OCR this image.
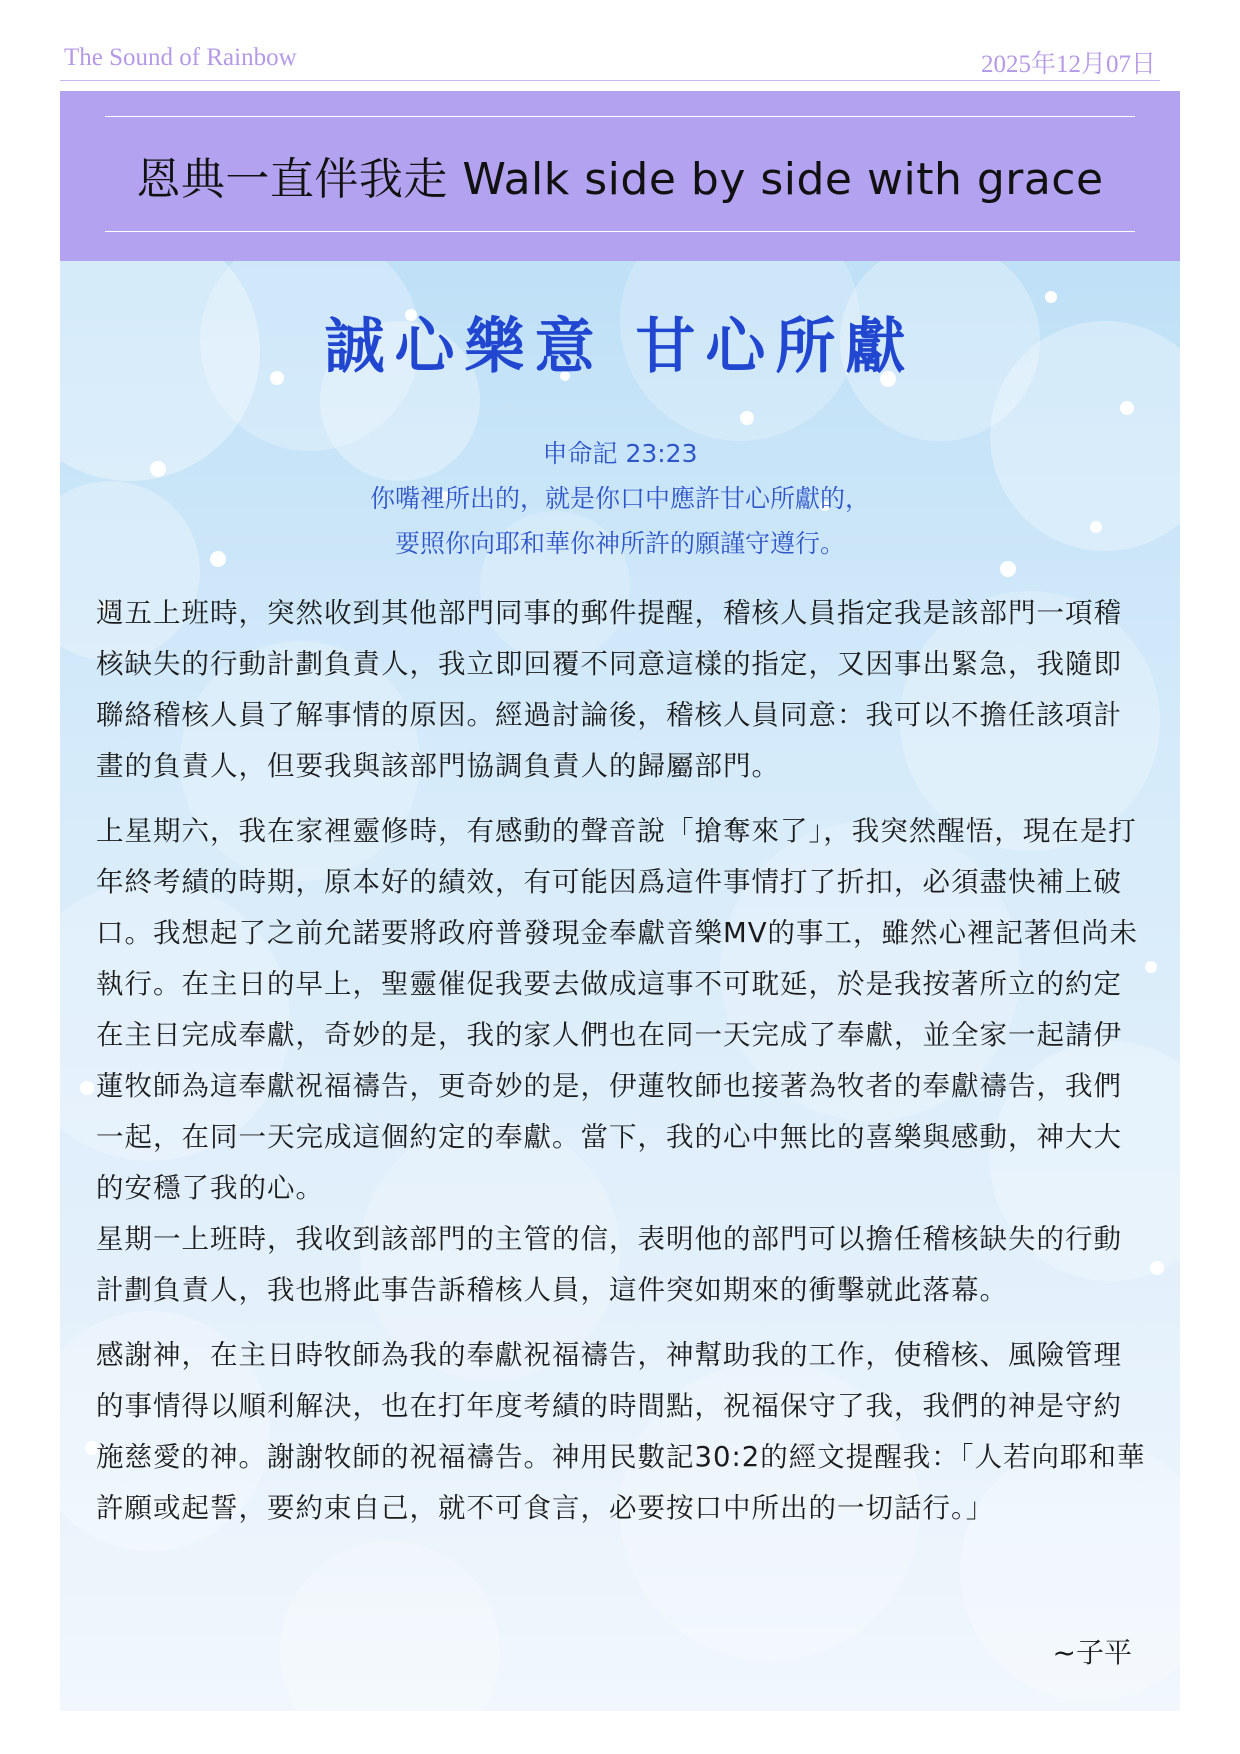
The Sound of Rainbow	2025年12月07日
恩典一直伴我走 Walk side by side with grace
誠心樂意 甘心所獻
申命記 23:23
你嘴裡所出的，就是你口中應許甘心所獻的，
要照你向耶和華你神所許的願謹守遵行。

週五上班時，突然收到其他部門同事的郵件提醒，稽核人員指定我是該部門一項稽核缺失的行動計劃負責人，我立即回覆不同意這樣的指定，又因事出緊急，我隨即聯絡稽核人員了解事情的原因。經過討論後，稽核人員同意：我可以不擔任該項計畫的負責人，但要我與該部門協調負責人的歸屬部門。

上星期六，我在家裡靈修時，有感動的聲音說「搶奪來了」，我突然醒悟，現在是打年終考績的時期，原本好的績效，有可能因爲這件事情打了折扣，必須盡快補上破口。我想起了之前允諾要將政府普發現金奉獻音樂MV的事工，雖然心裡記著但尚未執行。在主日的早上，聖靈催促我要去做成這事不可耽延，於是我按著所立的約定在主日完成奉獻，奇妙的是，我的家人們也在同一天完成了奉獻，並全家一起請伊蓮牧師為這奉獻祝福禱告，更奇妙的是，伊蓮牧師也接著為牧者的奉獻禱告，我們一起，在同一天完成這個約定的奉獻。當下，我的心中無比的喜樂與感動，神大大的安穩了我的心。

星期一上班時，我收到該部門的主管的信，表明他的部門可以擔任稽核缺失的行動計劃負責人，我也將此事告訴稽核人員，這件突如期來的衝擊就此落幕。

感謝神，在主日時牧師為我的奉獻祝福禱告，神幫助我的工作，使稽核、風險管理的事情得以順利解決，也在打年度考績的時間點，祝福保守了我，我們的神是守約施慈愛的神。謝謝牧師的祝福禱告。神用民數記30:2的經文提醒我：「人若向耶和華許願或起誓，要約束自己，就不可食言，必要按口中所出的一切話行。」

~子平
